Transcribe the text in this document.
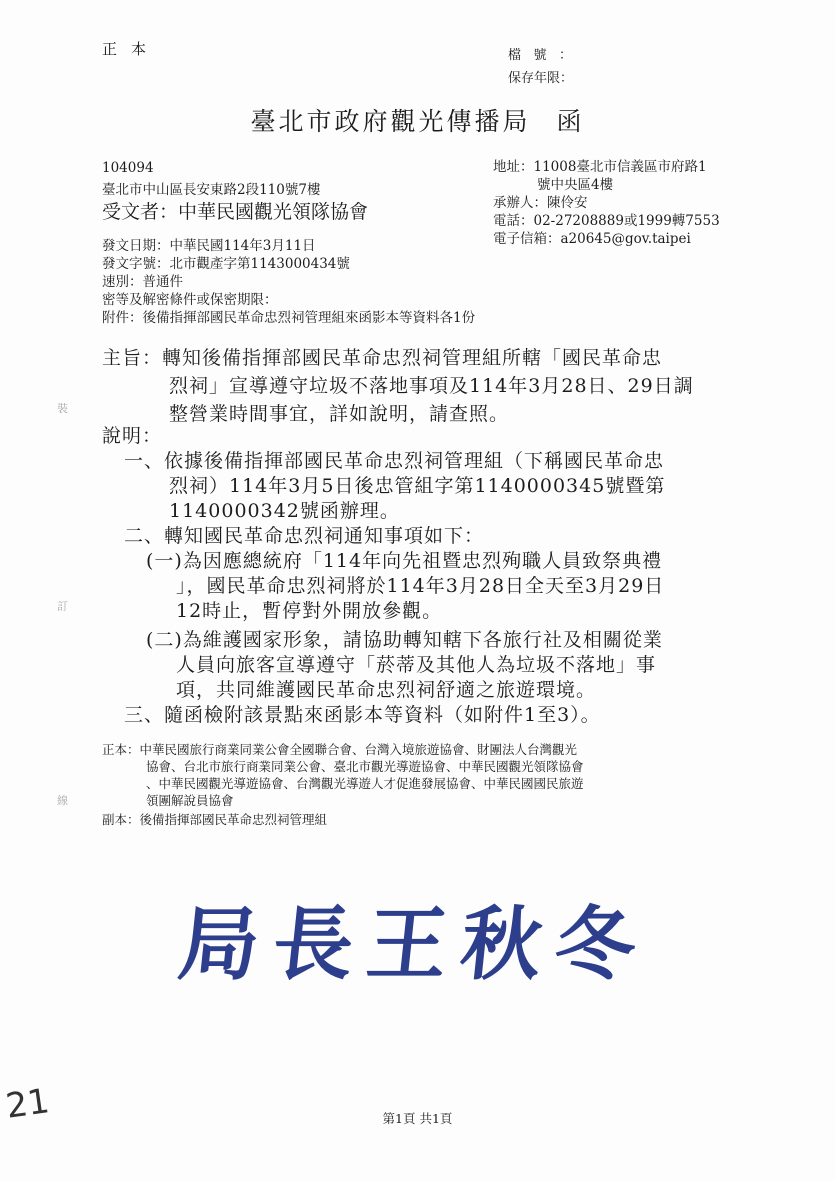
正本	檔號：
保存年限：
臺北市政府觀光傳播局 函
104094
臺北市中山區長安東路2段110號7樓
受文者：中華民國觀光領隊協會
地址：11008臺北市信義區市府路1
號中央區4樓
承辦人：陳伶安
電話：02-27208889或1999轉7553
電子信箱：a20645@gov.taipei
發文日期：中華民國114年3月11日
發文字號：北市觀產字第1143000434號
速別：普通件
密等及解密條件或保密期限：
附件：後備指揮部國民革命忠烈祠管理組來函影本等資料各1份
主旨：轉知後備指揮部國民革命忠烈祠管理組所轄「國民革命忠
烈祠」宣導遵守垃圾不落地事項及114年3月28日、29日調
整營業時間事宜，詳如說明，請查照。
說明：
一、依據後備指揮部國民革命忠烈祠管理組（下稱國民革命忠
烈祠）114年3月5日後忠管組字第1140000345號暨第
1140000342號函辦理。
二、轉知國民革命忠烈祠通知事項如下：
(一)為因應總統府「114年向先祖暨忠烈殉職人員致祭典禮
」，國民革命忠烈祠將於114年3月28日全天至3月29日
12時止，暫停對外開放參觀。
(二)為維護國家形象，請協助轉知轄下各旅行社及相關從業
人員向旅客宣導遵守「菸蒂及其他人為垃圾不落地」事
項，共同維護國民革命忠烈祠舒適之旅遊環境。
三、隨函檢附該景點來函影本等資料（如附件1至3）。
正本：中華民國旅行商業同業公會全國聯合會、台灣入境旅遊協會、財團法人台灣觀光
協會、台北市旅行商業同業公會、臺北市觀光導遊協會、中華民國觀光領隊協會
、中華民國觀光導遊協會、台灣觀光導遊人才促進發展協會、中華民國國民旅遊
領團解說員協會
副本：後備指揮部國民革命忠烈祠管理組
裝
訂
線
局長王秋冬
21	第1頁 共1頁
